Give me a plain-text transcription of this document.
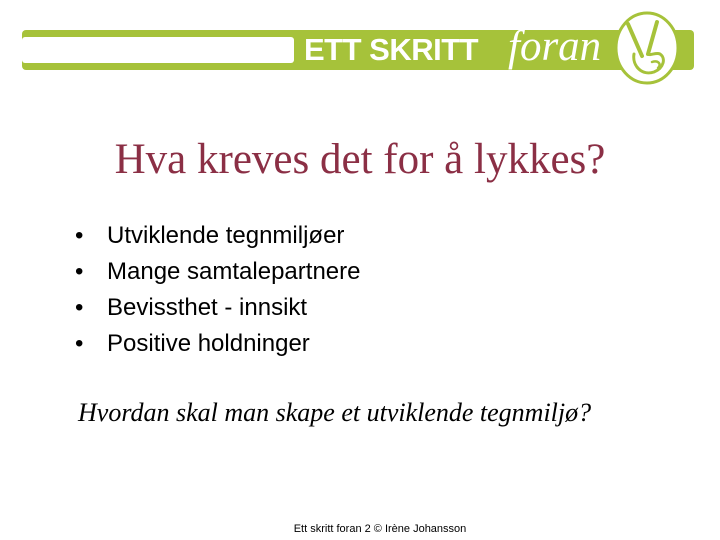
ETT SKRITT foran
Hva kreves det for å lykkes?
• Utviklende tegnmiljøer
• Mange samtalepartnere
• Bevissthet - innsikt
• Positive holdninger
Hvordan skal man skape et utviklende tegnmiljø?
Ett skritt foran 2 © Irène Johansson
